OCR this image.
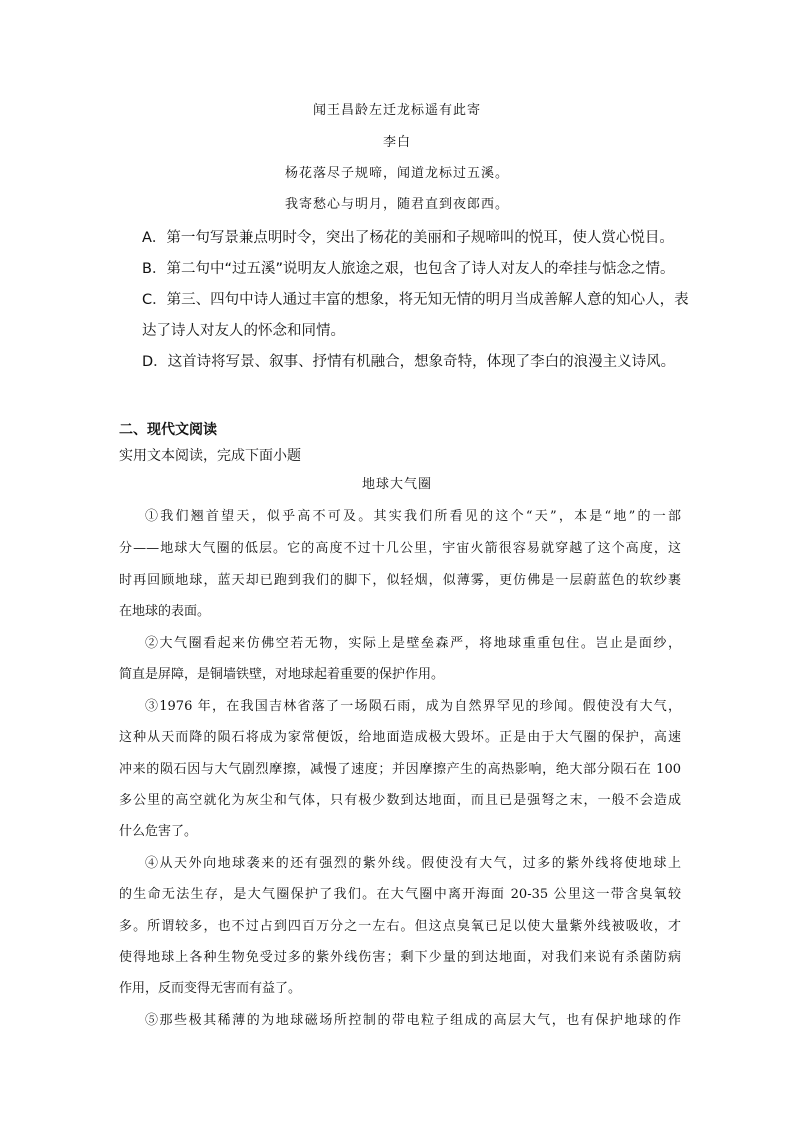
闻王昌龄左迁龙标遥有此寄
李白
杨花落尽子规啼，闻道龙标过五溪。
我寄愁心与明月，随君直到夜郎西。
A．第一句写景兼点明时令，突出了杨花的美丽和子规啼叫的悦耳，使人赏心悦目。
B．第二句中“过五溪”说明友人旅途之艰，也包含了诗人对友人的牵挂与惦念之情。
C．第三、四句中诗人通过丰富的想象，将无知无情的明月当成善解人意的知心人，表
达了诗人对友人的怀念和同情。
D．这首诗将写景、叙事、抒情有机融合，想象奇特，体现了李白的浪漫主义诗风。
二、现代文阅读
实用文本阅读，完成下面小题
地球大气圈
①我们翘首望天，似乎高不可及。其实我们所看见的这个“天”，本是“地”的一部
分——地球大气圈的低层。它的高度不过十几公里，宇宙火箭很容易就穿越了这个高度，这
时再回顾地球，蓝天却已跑到我们的脚下，似轻烟，似薄雾，更仿佛是一层蔚蓝色的软纱裹
在地球的表面。
②大气圈看起来仿佛空若无物，实际上是壁垒森严，将地球重重包住。岂止是面纱，
简直是屏障，是铜墙铁壁，对地球起着重要的保护作用。
③1976 年，在我国吉林省落了一场陨石雨，成为自然界罕见的珍闻。假使没有大气，
这种从天而降的陨石将成为家常便饭，给地面造成极大毁坏。正是由于大气圈的保护，高速
冲来的陨石因与大气剧烈摩擦，减慢了速度；并因摩擦产生的高热影响，绝大部分陨石在 100
多公里的高空就化为灰尘和气体，只有极少数到达地面，而且已是强弩之末，一般不会造成
什么危害了。
④从天外向地球袭来的还有强烈的紫外线。假使没有大气，过多的紫外线将使地球上
的生命无法生存，是大气圈保护了我们。在大气圈中离开海面 20-35 公里这一带含臭氧较
多。所谓较多，也不过占到四百万分之一左右。但这点臭氧已足以使大量紫外线被吸收，才
使得地球上各种生物免受过多的紫外线伤害；剩下少量的到达地面，对我们来说有杀菌防病
作用，反而变得无害而有益了。
⑤那些极其稀薄的为地球磁场所控制的带电粒子组成的高层大气，也有保护地球的作
